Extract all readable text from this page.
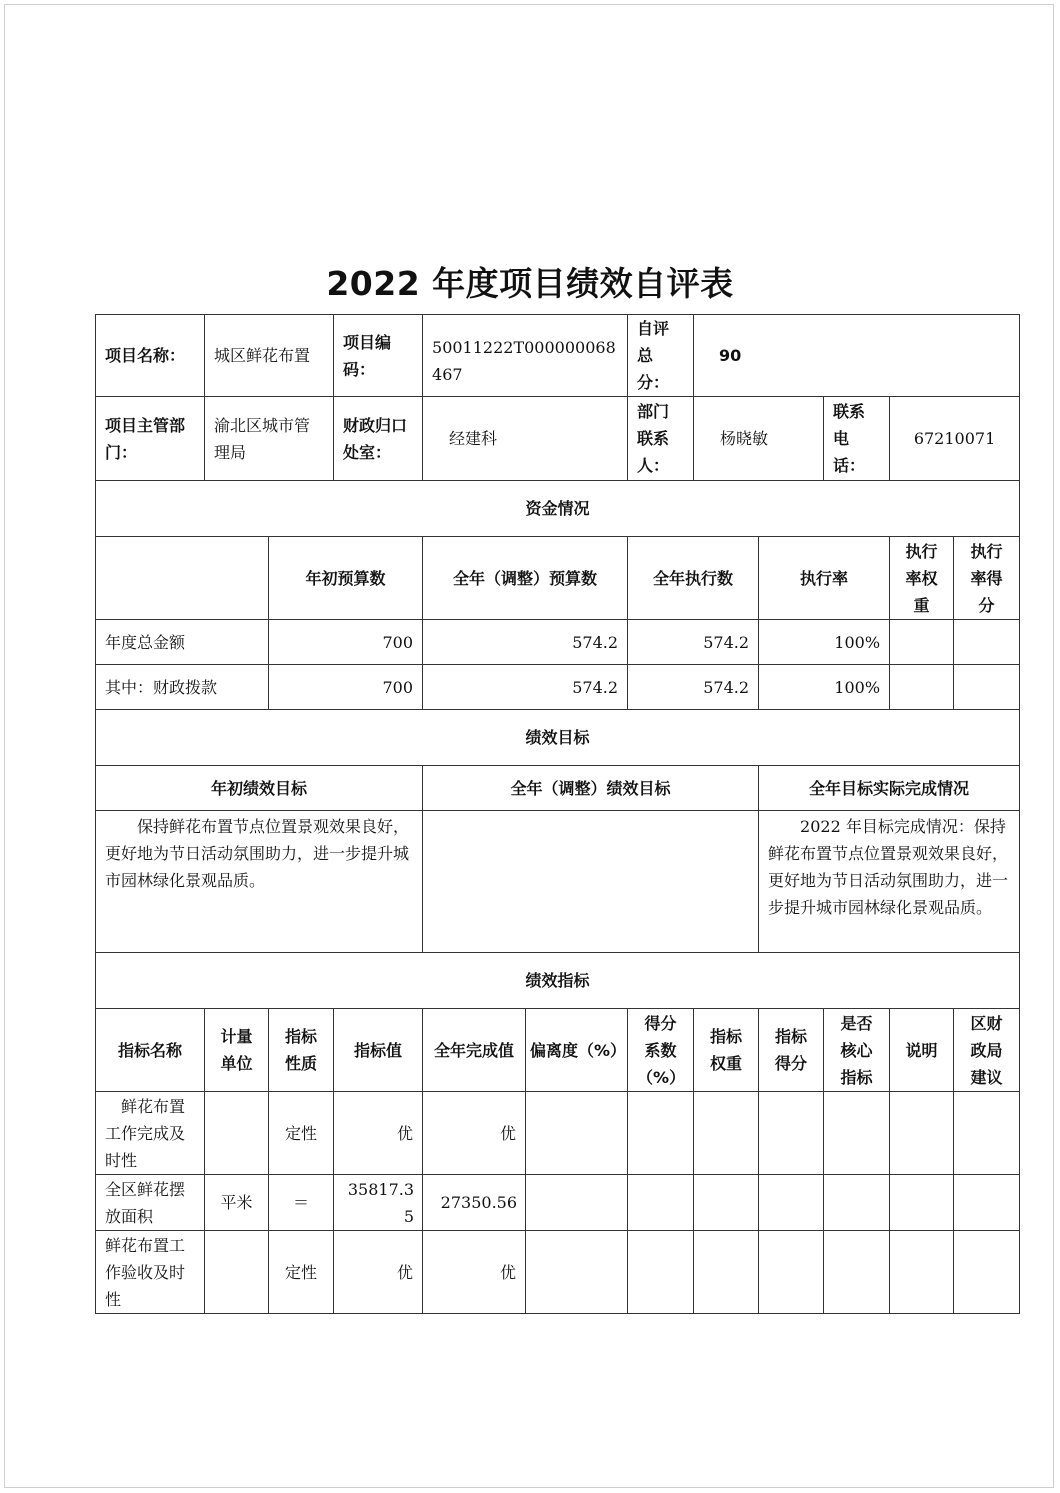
2022 年度项目绩效自评表
项目名称：	城区鲜花布置		项目编码：	50011222T000000068467		自评总分：	90				
项目主管部门：	渝北区城市管理局		财政归口处室：	经建科		部门联系人：	杨晓敏		联系电话：	67210071	
资金情况											
		年初预算数		全年（调整）预算数		全年执行数		执行率		执行率权重	执行率得分
年度总金额		700		574.2		574.2		100%			
其中：财政拨款		700		574.2		574.2		100%			
绩效目标											
年初绩效目标				全年（调整）绩效目标				全年目标实际完成情况			
保持鲜花布置节点位置景观效果良好，更好地为节日活动氛围助力，进一步提升城市园林绿化景观品质。								2022 年目标完成情况：保持鲜花布置节点位置景观效果良好，更好地为节日活动氛围助力，进一步提升城市园林绿化景观品质。			
绩效指标											
指标名称	计量单位	指标性质	指标值	全年完成值	偏离度（%）	得分系数（%）	指标权重	指标得分	是否核心指标	说明	区财政局建议
鲜花布置工作完成及时性		定性	优	优							
全区鲜花摆放面积	平米	＝	35817.35	27350.56							
鲜花布置工作验收及时性		定性	优	优							
